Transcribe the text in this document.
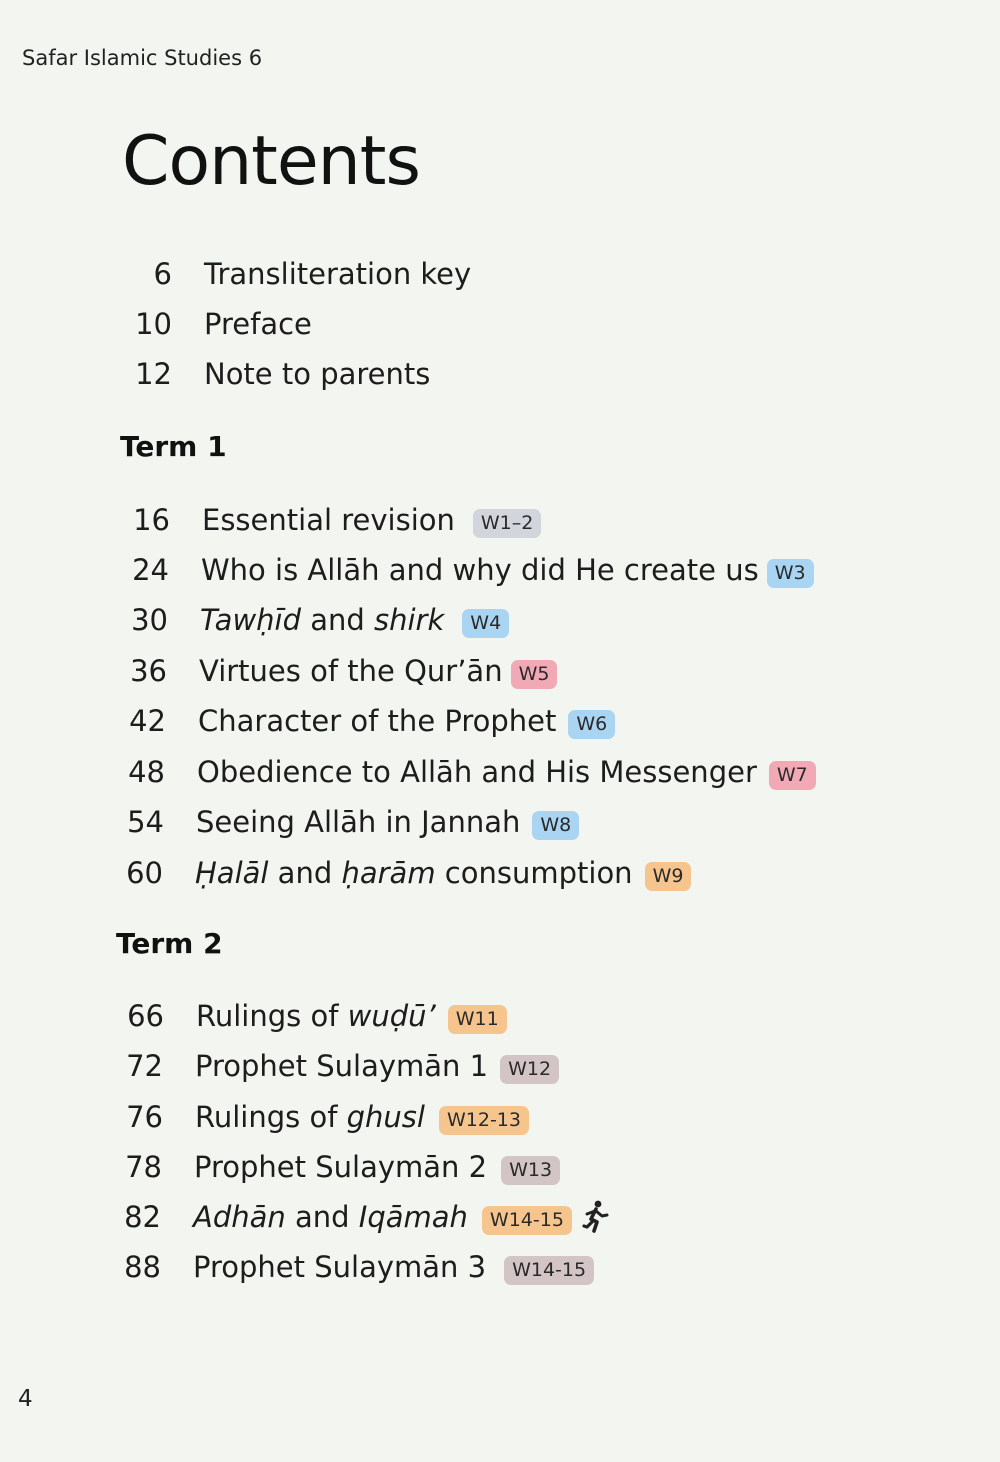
Safar Islamic Studies 6
Contents
6 Transliteration key
10 Preface
12 Note to parents
Term 1
16 Essential revision	W1–2
24 Who is Allāh and why did He create us W3
30 Tawḥīd and shirk	W4
36 Virtues of the Qur’ān W5
42 Character of the Prophet	W6
48 Obedience to Allāh and His Messenger	W7
54 Seeing Allāh in Jannah	W8
60 Ḥalāl and ḥarām consumption	W9
Term 2
66 Rulings of wuḍū’	W11
72 Prophet Sulaymān 1	W12
76 Rulings of ghusl	W12-13
78 Prophet Sulaymān 2	W13
82 Adhān and Iqāmah	W14-15
88 Prophet Sulaymān 3	W14-15
4
